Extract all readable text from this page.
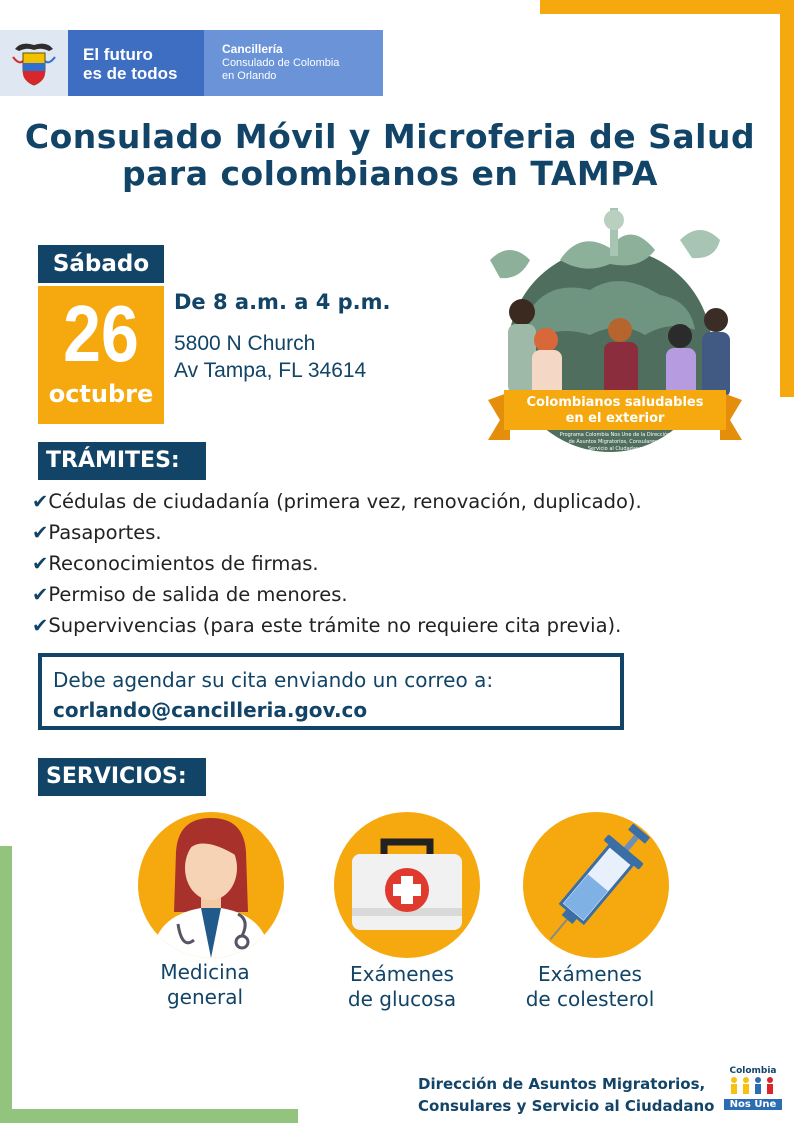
El futuro
es de todos
Cancillería
Consulado de Colombia
en Orlando
Consulado Móvil y Microferia de Salud
para colombianos en TAMPA
Sábado
26
octubre
De 8 a.m. a 4 p.m.
5800 N Church
Av Tampa, FL 34614
Colombianos saludables
en el exterior
Programa Colombia Nos Une de la Dirección
de Asuntos Migratorios, Consulares y
Servicio al Ciudadano
TRÁMITES:
✔Cédulas de ciudadanía (primera vez, renovación, duplicado).
✔Pasaportes.
✔Reconocimientos de firmas.
✔Permiso de salida de menores.
✔Supervivencias (para este trámite no requiere cita previa).
Debe agendar su cita enviando un correo a:
corlando@cancilleria.gov.co
SERVICIOS:
Medicina
general
Exámenes
de glucosa
Exámenes
de colesterol
Dirección de Asuntos Migratorios,
Consulares y Servicio al Ciudadano
Colombia
Nos Une
